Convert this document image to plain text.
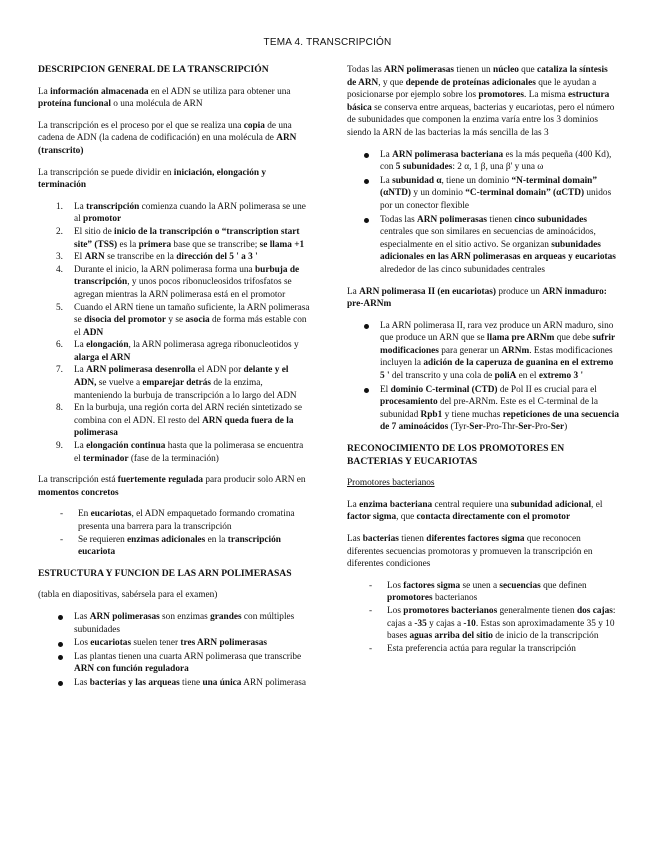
TEMA 4. TRANSCRIPCIÓN
DESCRIPCION GENERAL DE LA TRANSCRIPCIÓN

La información almacenada en el ADN se utiliza para obtener una proteína funcional o una molécula de ARN

La transcripción es el proceso por el que se realiza una copia de una cadena de ADN (la cadena de codificación) en una molécula de ARN (transcrito)

La transcripción se puede dividir en iniciación, elongación y terminación

1. La transcripción comienza cuando la ARN polimerasa se une al promotor
2. El sitio de inicio de la transcripción o “transcription start site” (TSS) es la primera base que se transcribe; se llama +1
3. El ARN se transcribe en la dirección del 5 ' a 3 '
4. Durante el inicio, la ARN polimerasa forma una burbuja de transcripción, y unos pocos ribonucleosidos trifosfatos se agregan mientras la ARN polimerasa está en el promotor
5. Cuando el ARN tiene un tamaño suficiente, la ARN polimerasa se disocia del promotor y se asocia de forma más estable con el ADN
6. La elongación, la ARN polimerasa agrega ribonucleotidos y alarga el ARN
7. La ARN polimerasa desenrolla el ADN por delante y el ADN, se vuelve a emparejar detrás de la enzima, manteniendo la burbuja de transcripción a lo largo del ADN
8. En la burbuja, una región corta del ARN recién sintetizado se combina con el ADN. El resto del ARN queda fuera de la polimerasa
9. La elongación continua hasta que la polimerasa se encuentra el terminador (fase de la terminación)

La transcripción está fuertemente regulada para producir solo ARN en momentos concretos

- En eucariotas, el ADN empaquetado formando cromatina presenta una barrera para la transcripción
- Se requieren enzimas adicionales en la transcripción eucariota
ESTRUCTURA Y FUNCION DE LAS ARN POLIMERASAS

(tabla en diapositivas, sabérsela para el examen)

Las ARN polimerasas son enzimas grandes con múltiples subunidades
Los eucariotas suelen tener tres ARN polimerasas
Las plantas tienen una cuarta ARN polimerasa que transcribe ARN con función reguladora
Las bacterias y las arqueas tiene una única ARN polimerasa

Todas las ARN polimerasas tienen un núcleo que cataliza la síntesis de ARN, y que depende de proteínas adicionales que le ayudan a posicionarse por ejemplo sobre los promotores. La misma estructura básica se conserva entre arqueas, bacterias y eucariotas, pero el número de subunidades que componen la enzima varía entre los 3 dominios siendo la ARN de las bacterias la más sencilla de las 3

La ARN polimerasa bacteriana es la más pequeña (400 Kd), con 5 subunidades: 2 α, 1 β, una β' y una ω
La subunidad α, tiene un dominio “N-terminal domain” (αNTD) y un dominio “C-terminal domain” (αCTD) unidos por un conector flexible
Todas las ARN polimerasas tienen cinco subunidades centrales que son similares en secuencias de aminoácidos, especialmente en el sitio activo. Se organizan subunidades adicionales en las ARN polimerasas en arqueas y eucariotas alrededor de las cinco subunidades centrales

La ARN polimerasa II (en eucariotas) produce un ARN inmaduro: pre-ARNm

La ARN polimerasa II, rara vez produce un ARN maduro, sino que produce un ARN que se llama pre ARNm que debe sufrir modificaciones para generar un ARNm. Estas modificaciones incluyen la adición de la caperuza de guanina en el extremo 5 ' del transcrito y una cola de poliA en el extremo 3 '
El dominio C-terminal (CTD) de Pol II es crucial para el procesamiento del pre-ARNm. Este es el C-terminal de la subunidad Rpb1 y tiene muchas repeticiones de una secuencia de 7 aminoácidos (Tyr-Ser-Pro-Thr-Ser-Pro-Ser)
RECONOCIMIENTO DE LOS PROMOTORES EN BACTERIAS Y EUCARIOTAS

Promotores bacterianos

La enzima bacteriana central requiere una subunidad adicional, el factor sigma, que contacta directamente con el promotor

Las bacterias tienen diferentes factores sigma que reconocen diferentes secuencias promotoras y promueven la transcripción en diferentes condiciones

- Los factores sigma se unen a secuencias que definen promotores bacterianos
- Los promotores bacterianos generalmente tienen dos cajas: cajas a -35 y cajas a -10. Estas son aproximadamente 35 y 10 bases aguas arriba del sitio de inicio de la transcripción
- Esta preferencia actúa para regular la transcripción
